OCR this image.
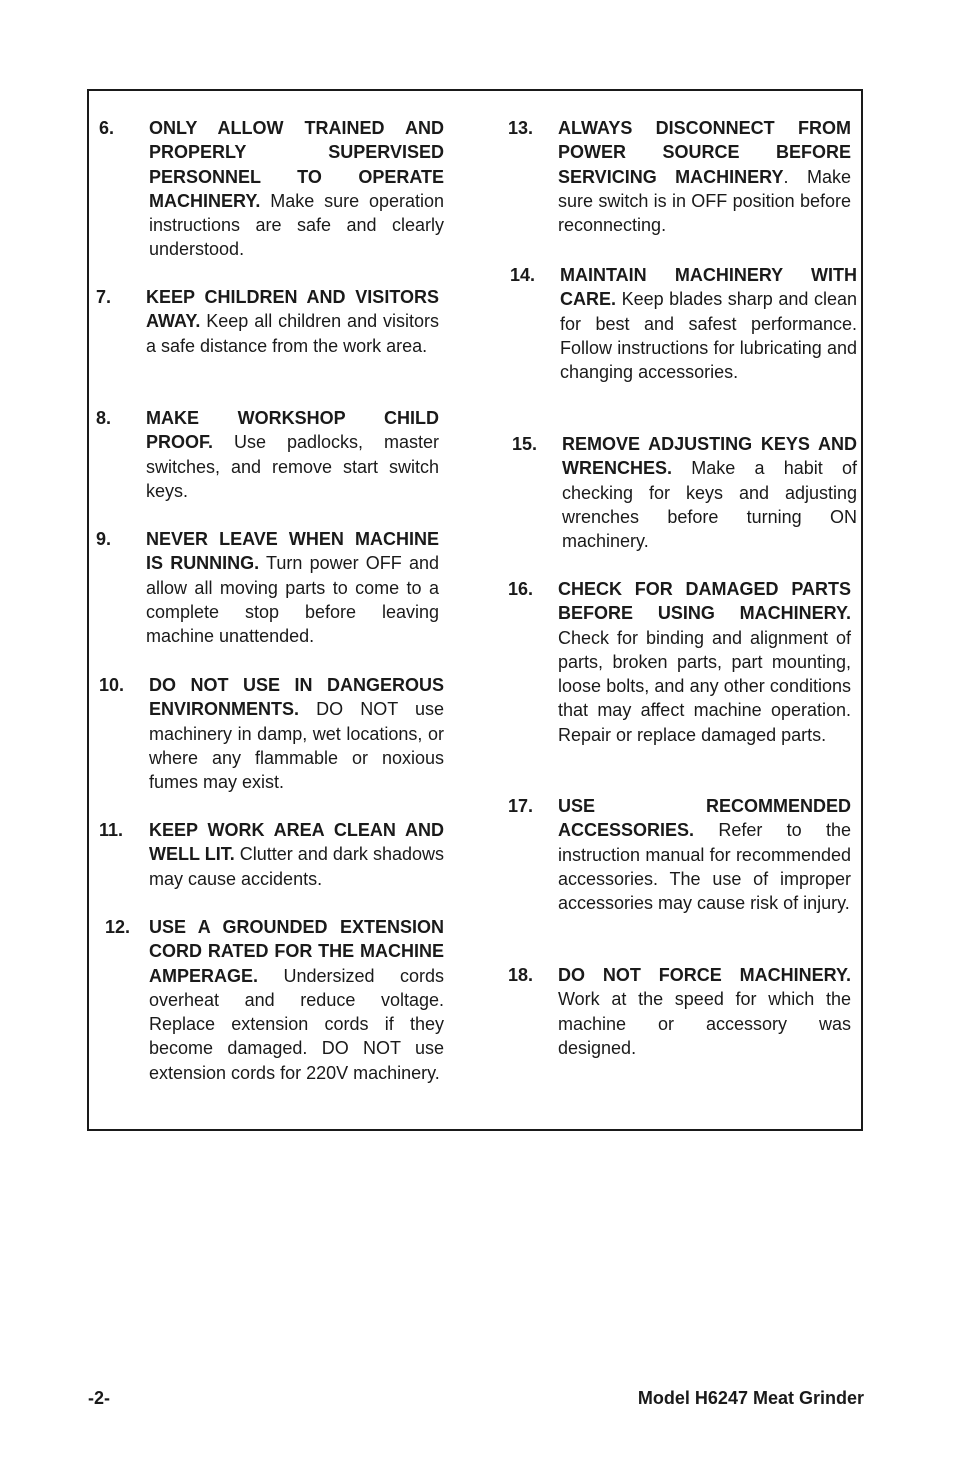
6.	ONLY ALLOW TRAINED AND PROPERLY SUPERVISED PERSONNEL TO OPERATE MACHINERY. Make sure operation instructions are safe and clearly understood.
7.	KEEP CHILDREN AND VISITORS AWAY. Keep all children and visitors a safe distance from the work area.
8.	MAKE WORKSHOP CHILD PROOF. Use padlocks, master switches, and remove start switch keys.
9.	NEVER LEAVE WHEN MACHINE IS RUNNING. Turn power OFF and allow all moving parts to come to a complete stop before leaving machine unattended.
10.	DO NOT USE IN DANGEROUS ENVIRONMENTS. DO NOT use machinery in damp, wet locations, or where any flammable or noxious fumes may exist.
11.	KEEP WORK AREA CLEAN AND WELL LIT. Clutter and dark shadows may cause accidents.
12.	USE A GROUNDED EXTENSION CORD RATED FOR THE MACHINE AMPERAGE. Undersized cords overheat and reduce voltage. Replace extension cords if they become damaged. DO NOT use extension cords for 220V machinery.
13.	ALWAYS DISCONNECT FROM POWER SOURCE BEFORE SERVICING MACHINERY. Make sure switch is in OFF position before reconnecting.
14.	MAINTAIN MACHINERY WITH CARE. Keep blades sharp and clean for best and safest performance. Follow instructions for lubricating and changing accessories.
15.	REMOVE ADJUSTING KEYS AND WRENCHES. Make a habit of checking for keys and adjusting wrenches before turning ON machinery.
16.	CHECK FOR DAMAGED PARTS BEFORE USING MACHINERY. Check for binding and alignment of parts, broken parts, part mounting, loose bolts, and any other conditions that may affect machine operation. Repair or replace damaged parts.
17.	USE RECOMMENDED ACCESSORIES. Refer to the instruction manual for recommended accessories. The use of improper accessories may cause risk of injury.
18.	DO NOT FORCE MACHINERY. Work at the speed for which the machine or accessory was designed.
-2-	Model H6247 Meat Grinder
